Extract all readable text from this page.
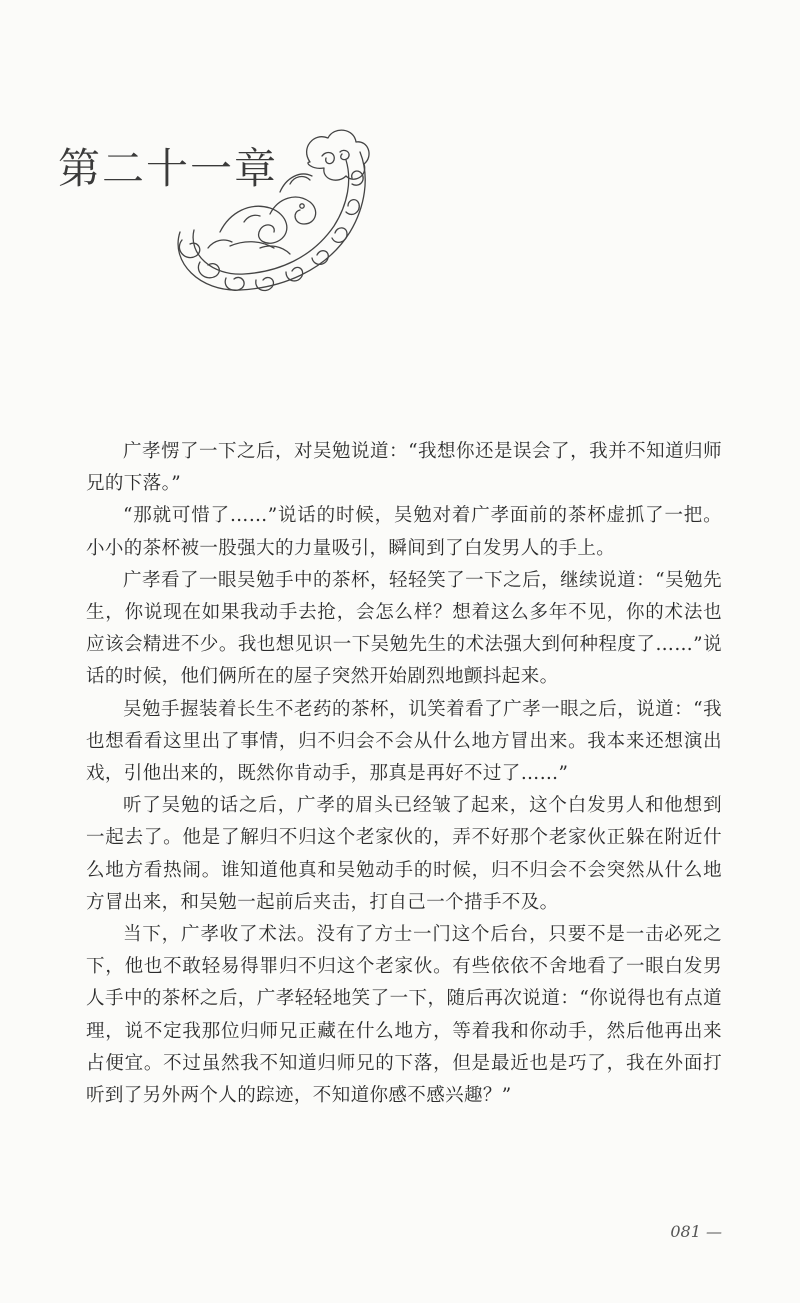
第二十一章

广孝愣了一下之后，对吴勉说道：“我想你还是误会了，我并不知道归师兄的下落。”

“那就可惜了……”说话的时候，吴勉对着广孝面前的茶杯虚抓了一把。小小的茶杯被一股强大的力量吸引，瞬间到了白发男人的手上。

广孝看了一眼吴勉手中的茶杯，轻轻笑了一下之后，继续说道：“吴勉先生，你说现在如果我动手去抢，会怎么样？想着这么多年不见，你的术法也应该会精进不少。我也想见识一下吴勉先生的术法强大到何种程度了……”说话的时候，他们俩所在的屋子突然开始剧烈地颤抖起来。

吴勉手握装着长生不老药的茶杯，讥笑着看了广孝一眼之后，说道：“我也想看看这里出了事情，归不归会不会从什么地方冒出来。我本来还想演出戏，引他出来的，既然你肯动手，那真是再好不过了……”

听了吴勉的话之后，广孝的眉头已经皱了起来，这个白发男人和他想到一起去了。他是了解归不归这个老家伙的，弄不好那个老家伙正躲在附近什么地方看热闹。谁知道他真和吴勉动手的时候，归不归会不会突然从什么地方冒出来，和吴勉一起前后夹击，打自己一个措手不及。

当下，广孝收了术法。没有了方士一门这个后台，只要不是一击必死之下，他也不敢轻易得罪归不归这个老家伙。有些依依不舍地看了一眼白发男人手中的茶杯之后，广孝轻轻地笑了一下，随后再次说道：“你说得也有点道理，说不定我那位归师兄正藏在什么地方，等着我和你动手，然后他再出来占便宜。不过虽然我不知道归师兄的下落，但是最近也是巧了，我在外面打听到了另外两个人的踪迹，不知道你感不感兴趣？”

081 —
